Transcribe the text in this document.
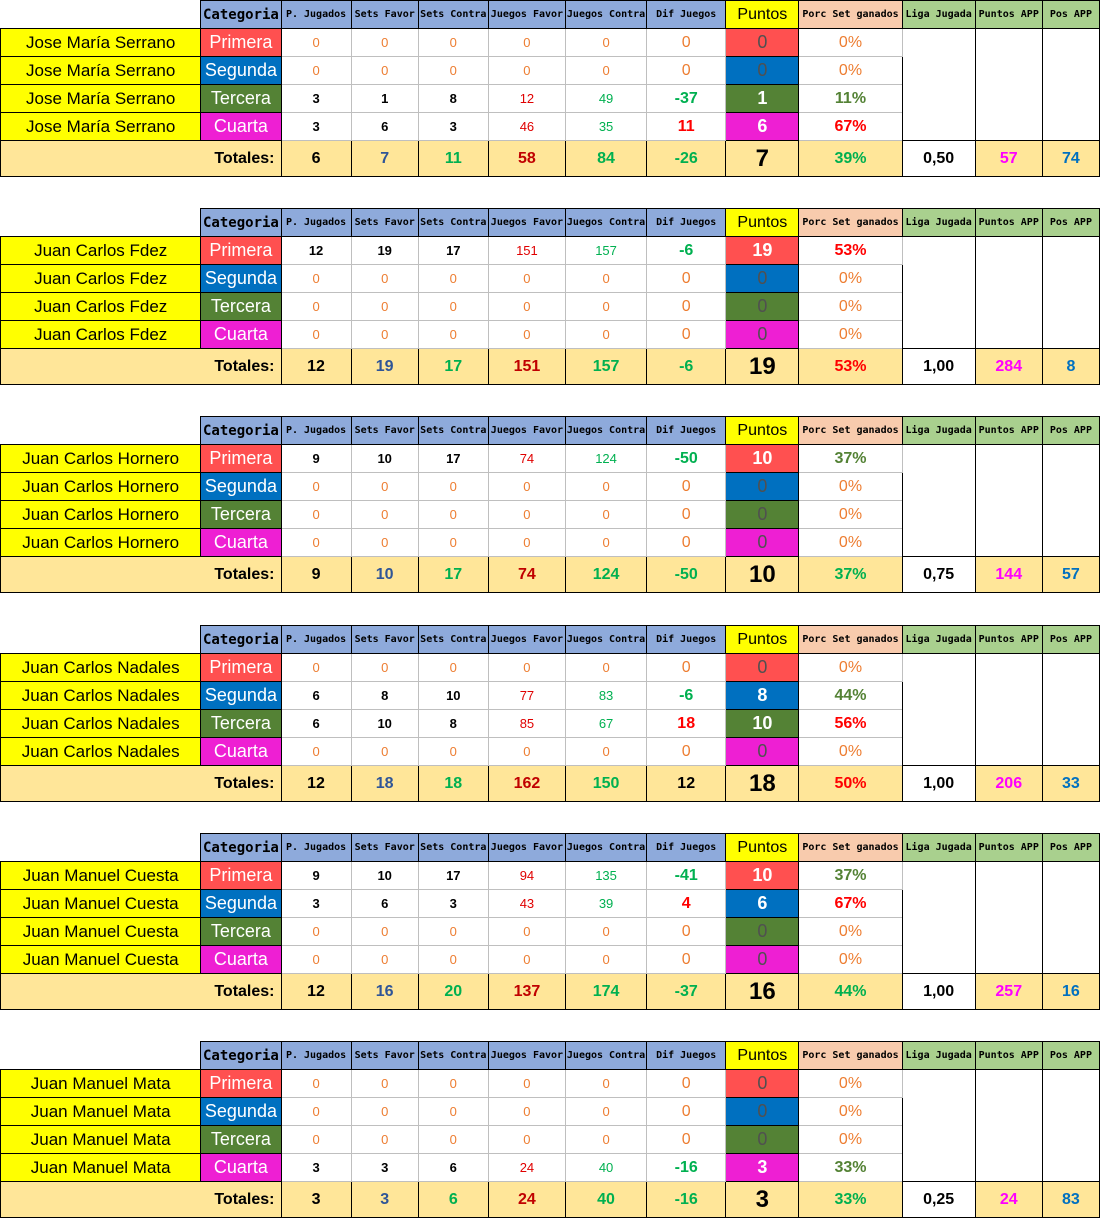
	Categoria	P. Jugados	Sets Favor	Sets Contra	Juegos Favor	Juegos Contra	Dif Juegos	Puntos	Porc Set ganados	Liga Jugada	Puntos APP	Pos APP
Jose María Serrano	Primera	0	0	0	0	0	0	0	0%			
Jose María Serrano	Segunda	0	0	0	0	0	0	0	0%			
Jose María Serrano	Tercera	3	1	8	12	49	-37	1	11%			
Jose María Serrano	Cuarta	3	6	3	46	35	11	6	67%			
Totales:		6	7	11	58	84	-26	7	39%	0,50	57	74
	Categoria	P. Jugados	Sets Favor	Sets Contra	Juegos Favor	Juegos Contra	Dif Juegos	Puntos	Porc Set ganados	Liga Jugada	Puntos APP	Pos APP
Juan Carlos Fdez	Primera	12	19	17	151	157	-6	19	53%			
Juan Carlos Fdez	Segunda	0	0	0	0	0	0	0	0%			
Juan Carlos Fdez	Tercera	0	0	0	0	0	0	0	0%			
Juan Carlos Fdez	Cuarta	0	0	0	0	0	0	0	0%			
Totales:		12	19	17	151	157	-6	19	53%	1,00	284	8
	Categoria	P. Jugados	Sets Favor	Sets Contra	Juegos Favor	Juegos Contra	Dif Juegos	Puntos	Porc Set ganados	Liga Jugada	Puntos APP	Pos APP
Juan Carlos Hornero	Primera	9	10	17	74	124	-50	10	37%			
Juan Carlos Hornero	Segunda	0	0	0	0	0	0	0	0%			
Juan Carlos Hornero	Tercera	0	0	0	0	0	0	0	0%			
Juan Carlos Hornero	Cuarta	0	0	0	0	0	0	0	0%			
Totales:		9	10	17	74	124	-50	10	37%	0,75	144	57
	Categoria	P. Jugados	Sets Favor	Sets Contra	Juegos Favor	Juegos Contra	Dif Juegos	Puntos	Porc Set ganados	Liga Jugada	Puntos APP	Pos APP
Juan Carlos Nadales	Primera	0	0	0	0	0	0	0	0%			
Juan Carlos Nadales	Segunda	6	8	10	77	83	-6	8	44%			
Juan Carlos Nadales	Tercera	6	10	8	85	67	18	10	56%			
Juan Carlos Nadales	Cuarta	0	0	0	0	0	0	0	0%			
Totales:		12	18	18	162	150	12	18	50%	1,00	206	33
	Categoria	P. Jugados	Sets Favor	Sets Contra	Juegos Favor	Juegos Contra	Dif Juegos	Puntos	Porc Set ganados	Liga Jugada	Puntos APP	Pos APP
Juan Manuel Cuesta	Primera	9	10	17	94	135	-41	10	37%			
Juan Manuel Cuesta	Segunda	3	6	3	43	39	4	6	67%			
Juan Manuel Cuesta	Tercera	0	0	0	0	0	0	0	0%			
Juan Manuel Cuesta	Cuarta	0	0	0	0	0	0	0	0%			
Totales:		12	16	20	137	174	-37	16	44%	1,00	257	16
	Categoria	P. Jugados	Sets Favor	Sets Contra	Juegos Favor	Juegos Contra	Dif Juegos	Puntos	Porc Set ganados	Liga Jugada	Puntos APP	Pos APP
Juan Manuel Mata	Primera	0	0	0	0	0	0	0	0%			
Juan Manuel Mata	Segunda	0	0	0	0	0	0	0	0%			
Juan Manuel Mata	Tercera	0	0	0	0	0	0	0	0%			
Juan Manuel Mata	Cuarta	3	3	6	24	40	-16	3	33%			
Totales:		3	3	6	24	40	-16	3	33%	0,25	24	83
